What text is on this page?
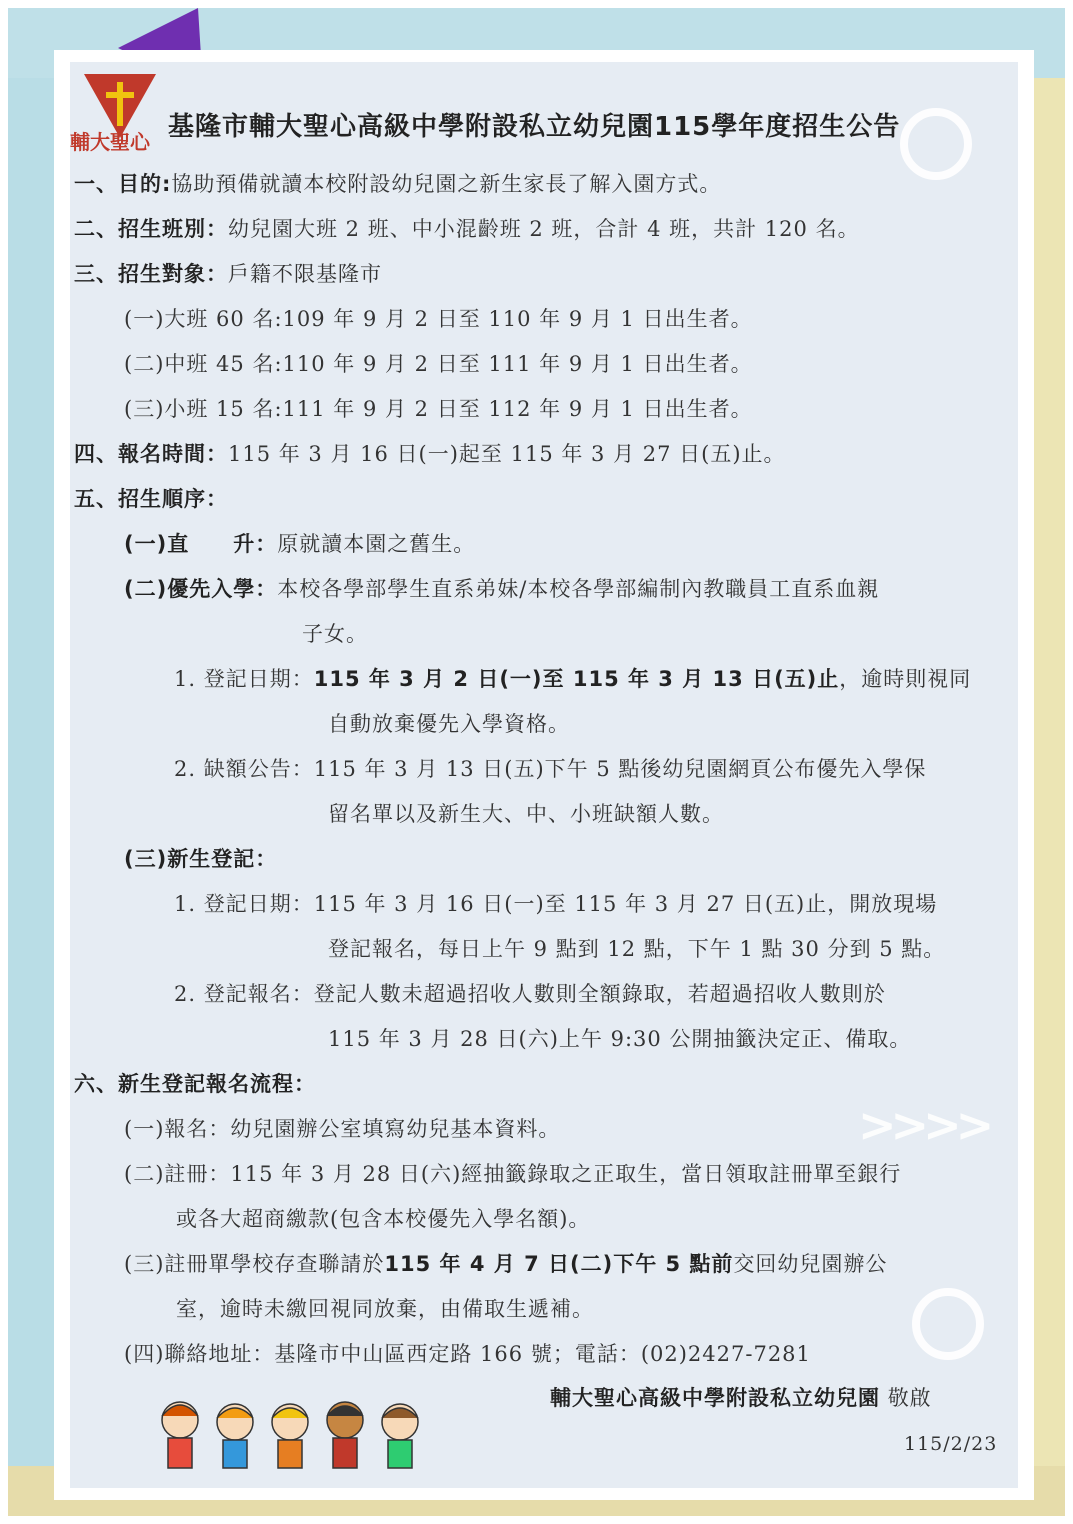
>>>>
輔大聖心 基隆市輔大聖心高級中學附設私立幼兒園115學年度招生公告
一、目的:協助預備就讀本校附設幼兒園之新生家長了解入園方式。
二、招生班別：幼兒園大班 2 班、中小混齡班 2 班，合計 4 班，共計 120 名。
三、招生對象：戶籍不限基隆市
(一)大班 60 名:109 年 9 月 2 日至 110 年 9 月 1 日出生者。
(二)中班 45 名:110 年 9 月 2 日至 111 年 9 月 1 日出生者。
(三)小班 15 名:111 年 9 月 2 日至 112 年 9 月 1 日出生者。
四、報名時間：115 年 3 月 16 日(一)起至 115 年 3 月 27 日(五)止。
五、招生順序：
(一)直　　升：原就讀本園之舊生。
(二)優先入學：本校各學部學生直系弟妹/本校各學部編制內教職員工直系血親
子女。
1. 登記日期：115 年 3 月 2 日(一)至 115 年 3 月 13 日(五)止，逾時則視同
自動放棄優先入學資格。
2. 缺額公告：115 年 3 月 13 日(五)下午 5 點後幼兒園網頁公布優先入學保
留名單以及新生大、中、小班缺額人數。
(三)新生登記：
1. 登記日期：115 年 3 月 16 日(一)至 115 年 3 月 27 日(五)止，開放現場
登記報名，每日上午 9 點到 12 點，下午 1 點 30 分到 5 點。
2. 登記報名：登記人數未超過招收人數則全額錄取，若超過招收人數則於
115 年 3 月 28 日(六)上午 9:30 公開抽籤決定正、備取。
六、新生登記報名流程：
(一)報名：幼兒園辦公室填寫幼兒基本資料。
(二)註冊：115 年 3 月 28 日(六)經抽籤錄取之正取生，當日領取註冊單至銀行
或各大超商繳款(包含本校優先入學名額)。
(三)註冊單學校存查聯請於115 年 4 月 7 日(二)下午 5 點前交回幼兒園辦公
室，逾時未繳回視同放棄，由備取生遞補。
(四)聯絡地址：基隆市中山區西定路 166 號；電話：(02)2427-7281
輔大聖心高級中學附設私立幼兒園 敬啟
115/2/23
